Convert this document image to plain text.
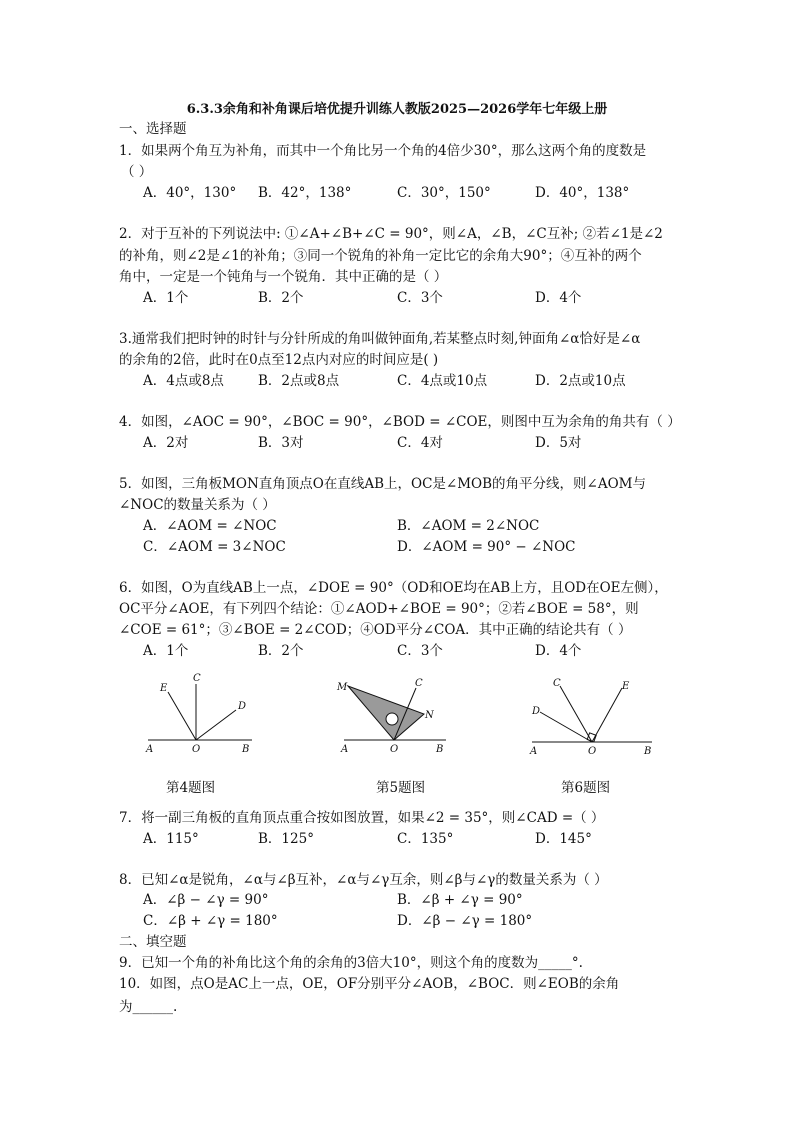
6.3.3余角和补角课后培优提升训练人教版2025—2026学年七年级上册
一、选择题
1．如果两个角互为补角，而其中一个角比另一个角的4倍少30°，那么这两个角的度数是
（ ）
A．40°，130° B．42°，138°	C．30°，150°	D．40°，138°
2．对于互补的下列说法中: ①∠A+∠B+∠C = 90°，则∠A，∠B，∠C互补; ②若∠1是∠2
的补角，则∠2是∠1的补角；③同一个锐角的补角一定比它的余角大90°；④互补的两个
角中，一定是一个钝角与一个锐角．其中正确的是（ ）
A．1个	B．2个	C．3个	D．4个
3.通常我们把时钟的时针与分针所成的角叫做钟面角,若某整点时刻,钟面角∠α恰好是∠α
的余角的2倍，此时在0点至12点内对应的时间应是( )
A．4点或8点	B．2点或8点	C．4点或10点	D．2点或10点
4．如图，∠AOC = 90°，∠BOC = 90°，∠BOD = ∠COE，则图中互为余角的角共有（ ）
A．2对	B．3对	C．4对	D．5对
5．如图，三角板MON直角顶点O在直线AB上，OC是∠MOB的角平分线，则∠AOM与
∠NOC的数量关系为（ ）
A．∠AOM = ∠NOC	B．∠AOM = 2∠NOC
C．∠AOM = 3∠NOC	D．∠AOM = 90° − ∠NOC
6．如图，O为直线AB上一点，∠DOE = 90°（OD和OE均在AB上方，且OD在OE左侧），
OC平分∠AOE，有下列四个结论：①∠AOD+∠BOE = 90°；②若∠BOE = 58°，则
∠COE = 61°；③∠BOE = 2∠COD；④OD平分∠COA．其中正确的结论共有（ ）
A．1个	B．2个	C．3个	D．4个
E
C
D
A	O	B
第4题图
M	C
N
A	O	B
第5题图
C	E
D
A	O	B
第6题图
7．将一副三角板的直角顶点重合按如图放置，如果∠2 = 35°，则∠CAD =（ ）
A．115°	B．125°	C．135°	D．145°
8．已知∠α是锐角，∠α与∠β互补，∠α与∠γ互余，则∠β与∠γ的数量关系为（ ）
A．∠β − ∠γ = 90°	B．∠β + ∠γ = 90°
C．∠β + ∠γ = 180°	D．∠β − ∠γ = 180°
二、填空题
9．已知一个角的补角比这个角的余角的3倍大10°，则这个角的度数为_____°.
10．如图，点O是AC上一点，OE，OF分别平分∠AOB，∠BOC．则∠EOB的余角
为______.
